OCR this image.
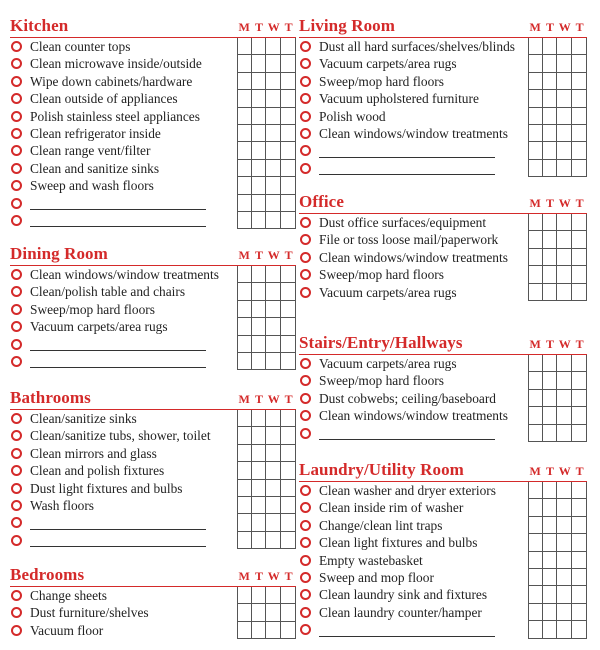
Kitchen	M T W T
Clean counter tops
Clean microwave inside/outside
Wipe down cabinets/hardware
Clean outside of appliances
Polish stainless steel appliances
Clean refrigerator inside
Clean range vent/filter
Clean and sanitize sinks
Sweep and wash floors
Dining Room	M T W T
Clean windows/window treatments
Clean/polish table and chairs
Sweep/mop hard floors
Vacuum carpets/area rugs
Bathrooms	M T W T
Clean/sanitize sinks
Clean/sanitize tubs, shower, toilet
Clean mirrors and glass
Clean and polish fixtures
Dust light fixtures and bulbs
Wash floors
Bedrooms	M T W T
Change sheets
Dust furniture/shelves
Vacuum floor
Living Room	M T W T
Dust all hard surfaces/shelves/blinds
Vacuum carpets/area rugs
Sweep/mop hard floors
Vacuum upholstered furniture
Polish wood
Clean windows/window treatments
Office	M T W T
Dust office surfaces/equipment
File or toss loose mail/paperwork
Clean windows/window treatments
Sweep/mop hard floors
Vacuum carpets/area rugs
Stairs/Entry/Hallways	M T W T
Vacuum carpets/area rugs
Sweep/mop hard floors
Dust cobwebs; ceiling/baseboard
Clean windows/window treatments
Laundry/Utility Room	M T W T
Clean washer and dryer exteriors
Clean inside rim of washer
Change/clean lint traps
Clean light fixtures and bulbs
Empty wastebasket
Sweep and mop floor
Clean laundry sink and fixtures
Clean laundry counter/hamper
